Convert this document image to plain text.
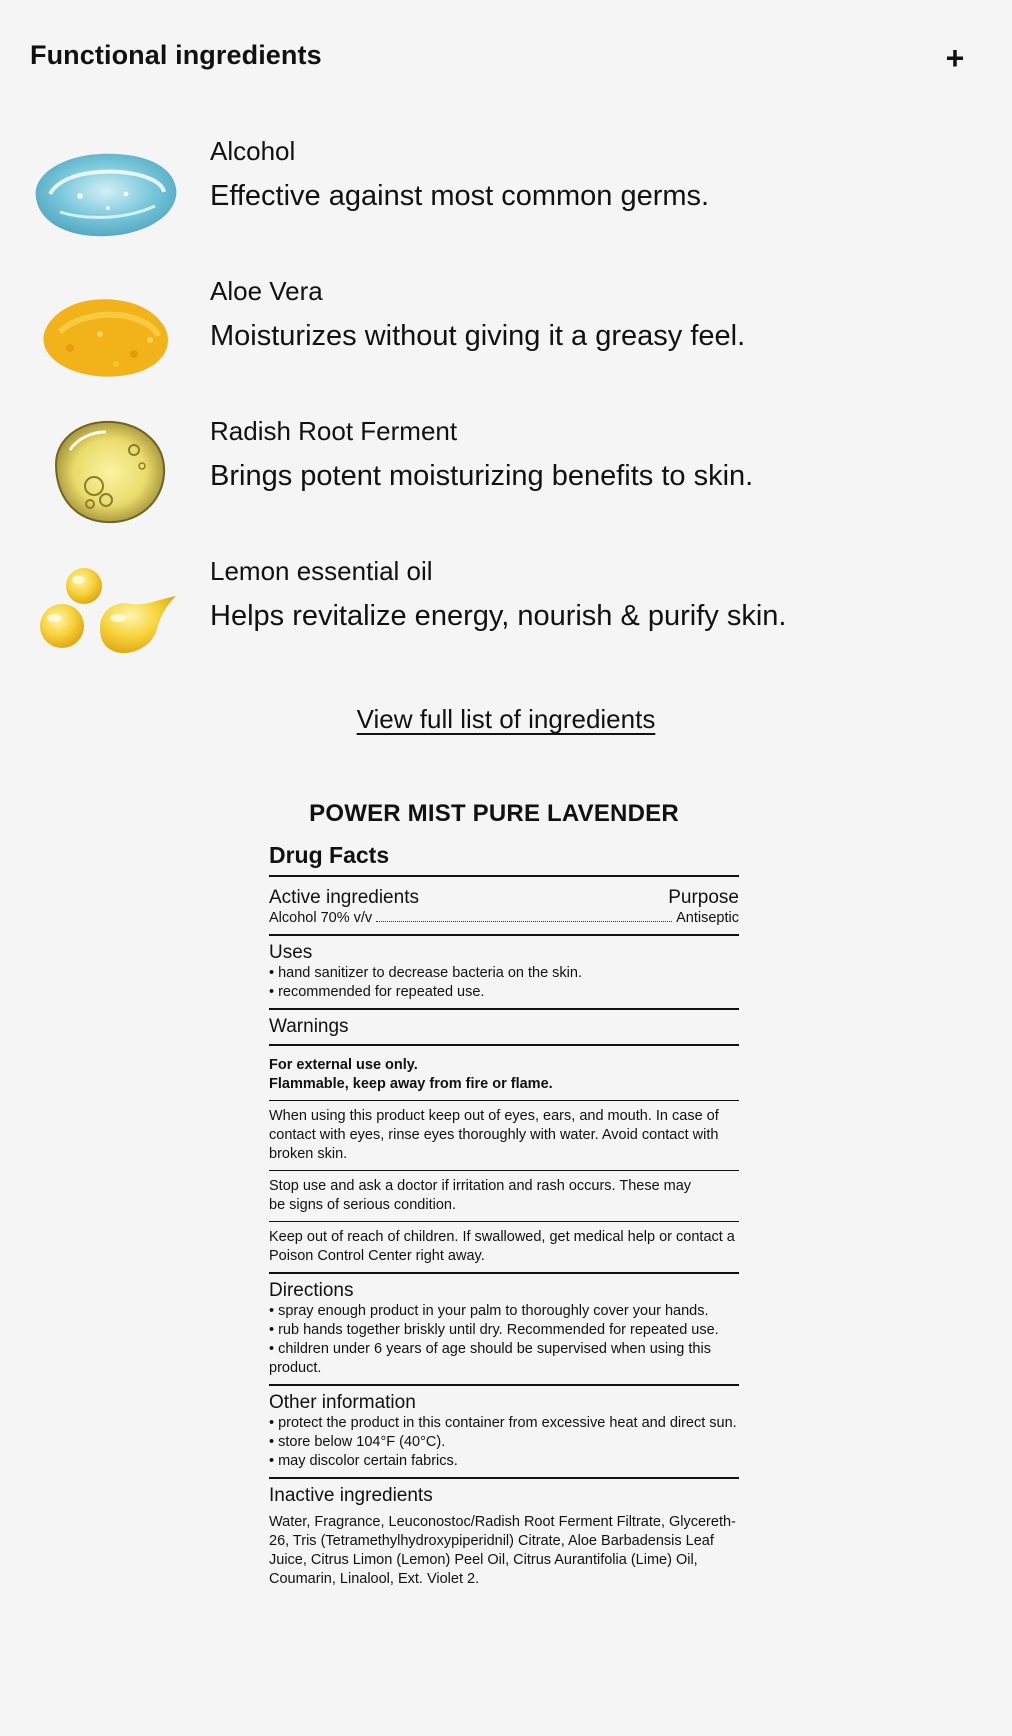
Functional ingredients	+
Alcohol
Effective against most common germs.
Aloe Vera
Moisturizes without giving it a greasy feel.
Radish Root Ferment
Brings potent moisturizing benefits to skin.
Lemon essential oil
Helps revitalize energy, nourish & purify skin.
View full list of ingredients
POWER MIST PURE LAVENDER
Drug Facts
Active ingredients	Purpose
Alcohol 70% v/v	Antiseptic
Uses
• hand sanitizer to decrease bacteria on the skin.
• recommended for repeated use.
Warnings
For external use only.
Flammable, keep away from fire or flame.
When using this product keep out of eyes, ears, and mouth. In case of contact with eyes, rinse eyes thoroughly with water. Avoid contact with broken skin.
Stop use and ask a doctor if irritation and rash occurs. These may
be signs of serious condition.
Keep out of reach of children. If swallowed, get medical help or contact a Poison Control Center right away.
Directions
• spray enough product in your palm to thoroughly cover your hands.
• rub hands together briskly until dry. Recommended for repeated use.
• children under 6 years of age should be supervised when using this product.
Other information
• protect the product in this container from excessive heat and direct sun.
• store below 104°F (40°C).
• may discolor certain fabrics.
Inactive ingredients
Water, Fragrance, Leuconostoc/Radish Root Ferment Filtrate, Glycereth-26, Tris (Tetramethylhydroxypiperidnil) Citrate, Aloe Barbadensis Leaf Juice, Citrus Limon (Lemon) Peel Oil, Citrus Aurantifolia (Lime) Oil, Coumarin, Linalool, Ext. Violet 2.
